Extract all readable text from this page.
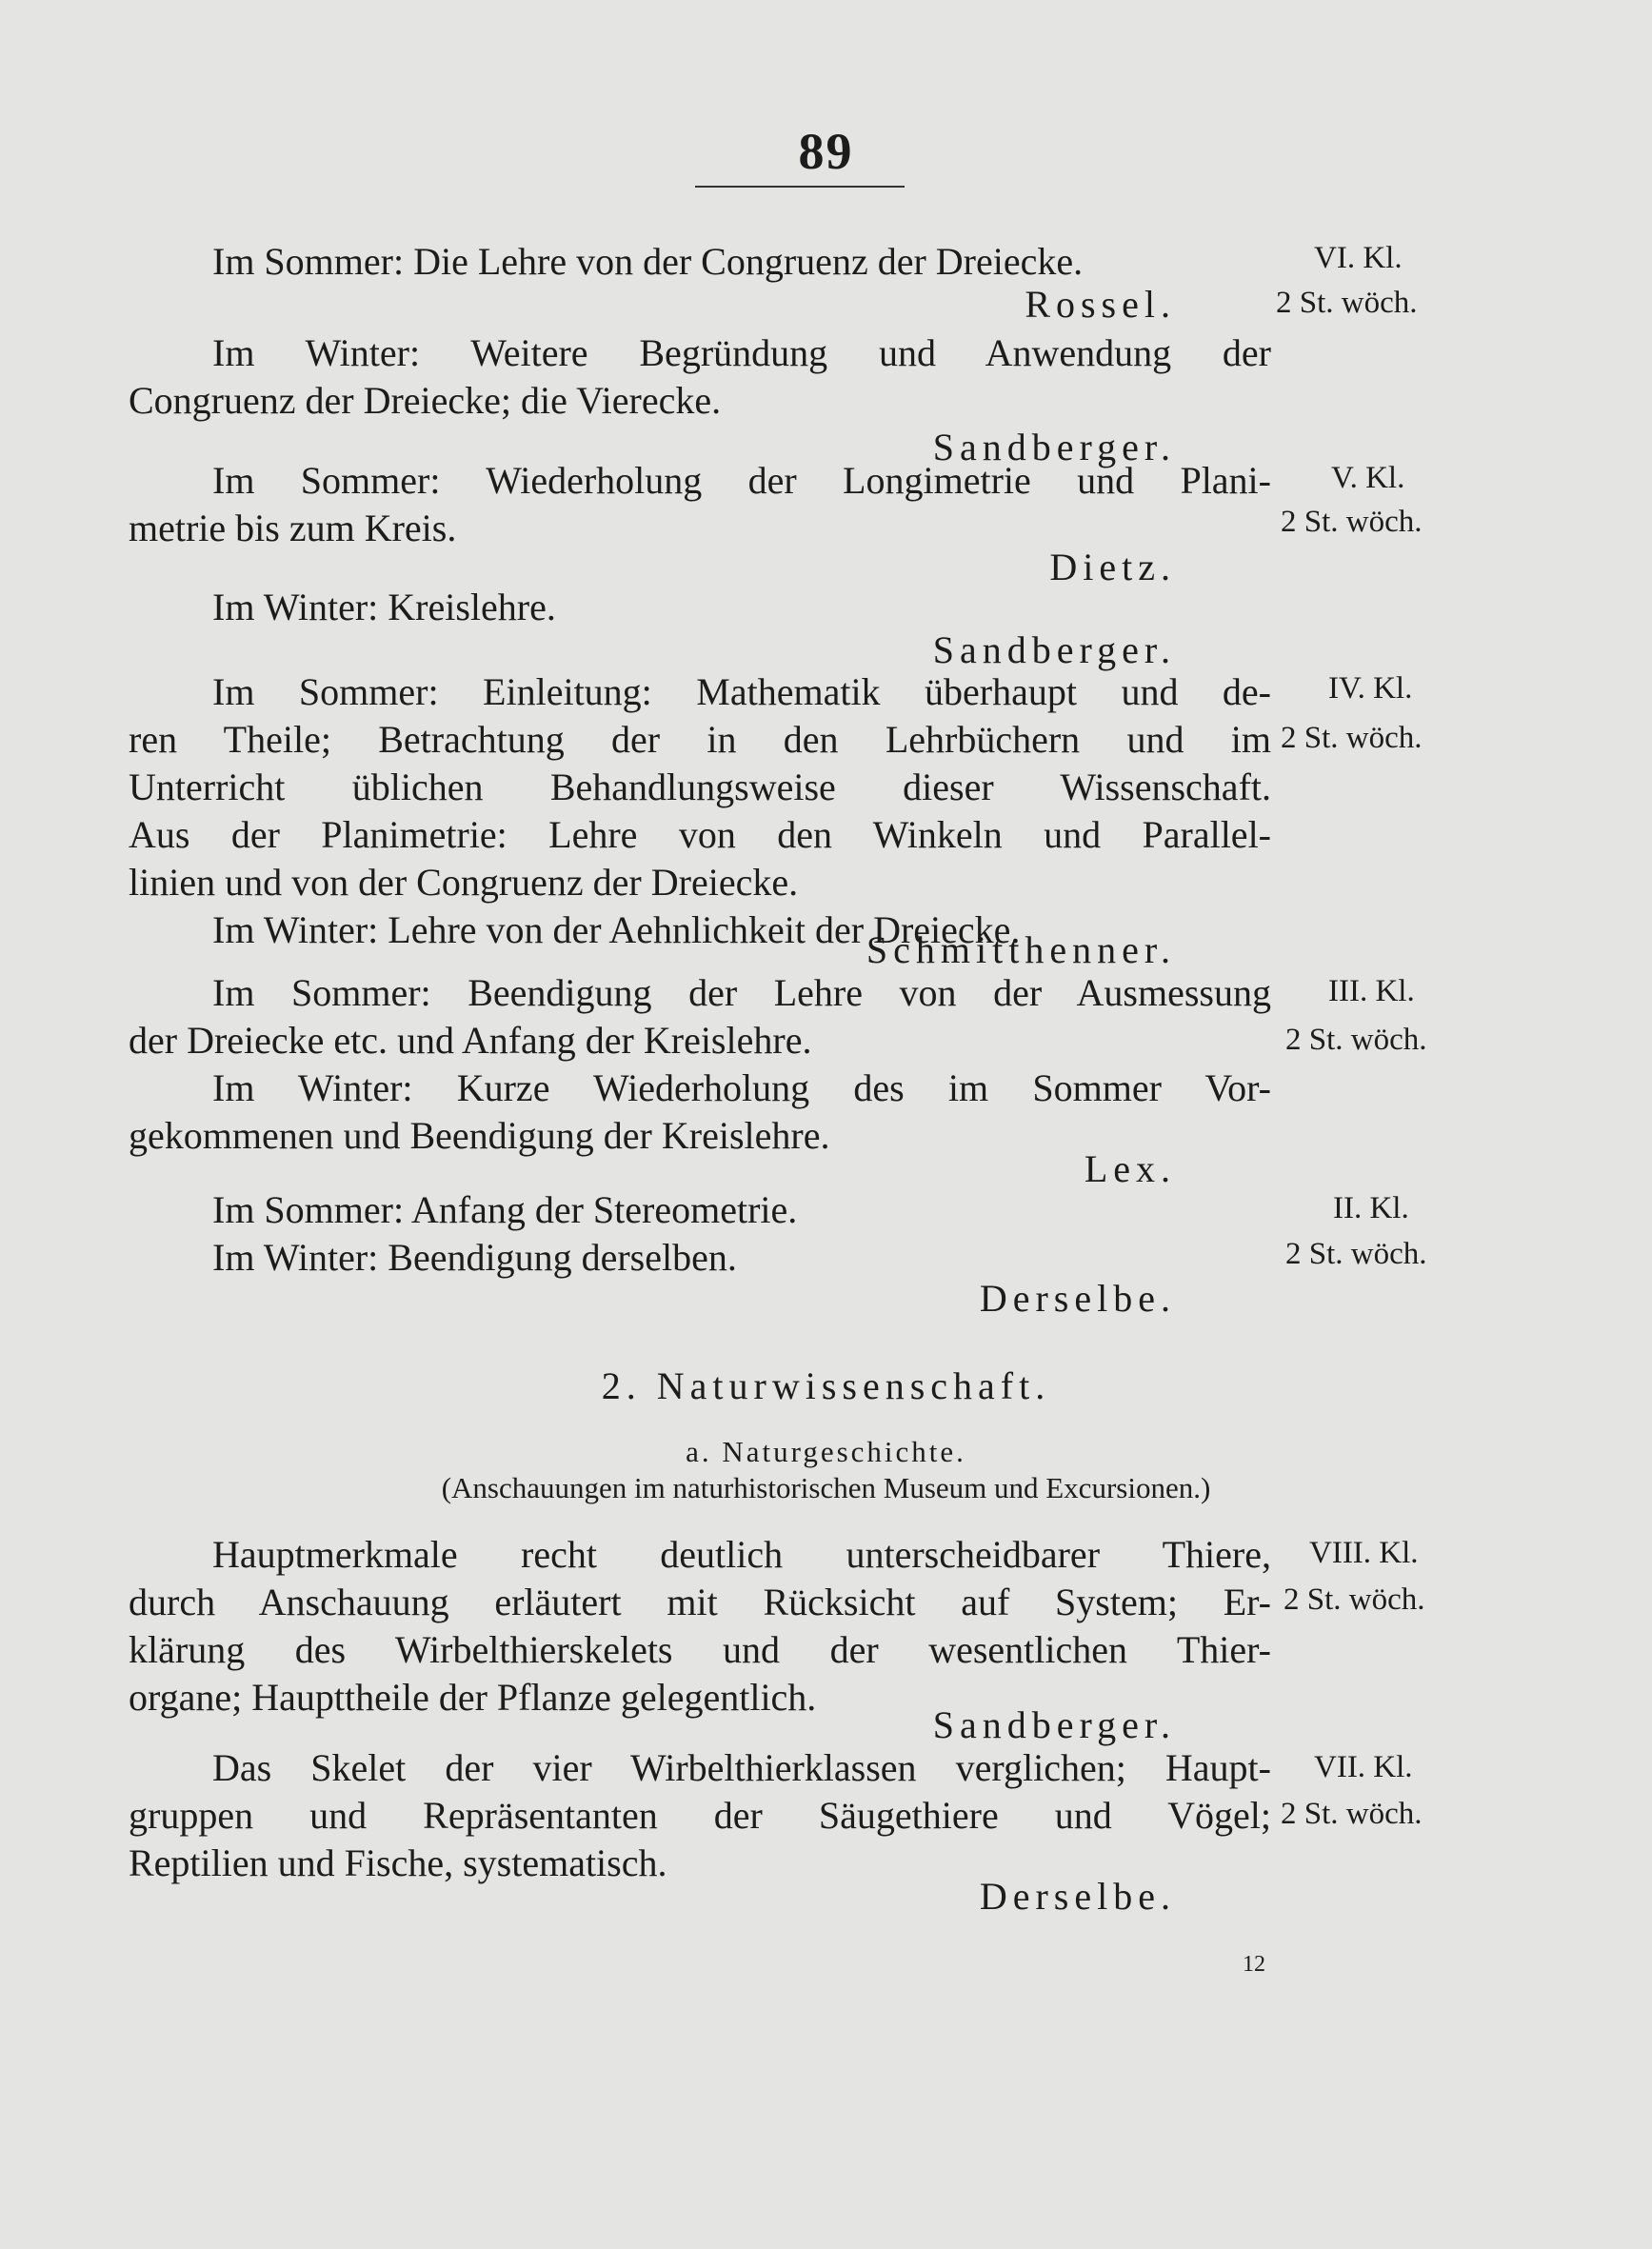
89
Im Sommer: Die Lehre von der Congruenz der Dreiecke.	VI. Kl.
2 St. wöch.
Rossel.
Im Winter: Weitere Begründung und Anwendung der
Congruenz der Dreiecke; die Vierecke.
Sandberger.
Im Sommer: Wiederholung der Longimetrie und Plani-
metrie bis zum Kreis.
V. Kl.
2 St. wöch.
Dietz.
Im Winter: Kreislehre.
Sandberger.
Im Sommer: Einleitung: Mathematik überhaupt und de-
ren Theile; Betrachtung der in den Lehrbüchern und im
Unterricht üblichen Behandlungsweise dieser Wissenschaft.
Aus der Planimetrie: Lehre von den Winkeln und Parallel-
linien und von der Congruenz der Dreiecke.
Im Winter: Lehre von der Aehnlichkeit der Dreiecke.
IV. Kl.
2 St. wöch.
Schmitthenner.
Im Sommer: Beendigung der Lehre von der Ausmessung
der Dreiecke etc. und Anfang der Kreislehre.
Im Winter: Kurze Wiederholung des im Sommer Vor-
gekommenen und Beendigung der Kreislehre.
III. Kl.
2 St. wöch.
Lex.
Im Sommer: Anfang der Stereometrie.
Im Winter: Beendigung derselben.
II. Kl.
2 St. wöch.
Derselbe.
2. Naturwissenschaft.
a. Naturgeschichte.
(Anschauungen im naturhistorischen Museum und Excursionen.)
Hauptmerkmale recht deutlich unterscheidbarer Thiere,
durch Anschauung erläutert mit Rücksicht auf System; Er-
klärung des Wirbelthierskelets und der wesentlichen Thier-
organe; Haupttheile der Pflanze gelegentlich.
VIII. Kl.
2 St. wöch.
Sandberger.
Das Skelet der vier Wirbelthierklassen verglichen; Haupt-
gruppen und Repräsentanten der Säugethiere und Vögel;
Reptilien und Fische, systematisch.
VII. Kl.
2 St. wöch.
Derselbe.
12
